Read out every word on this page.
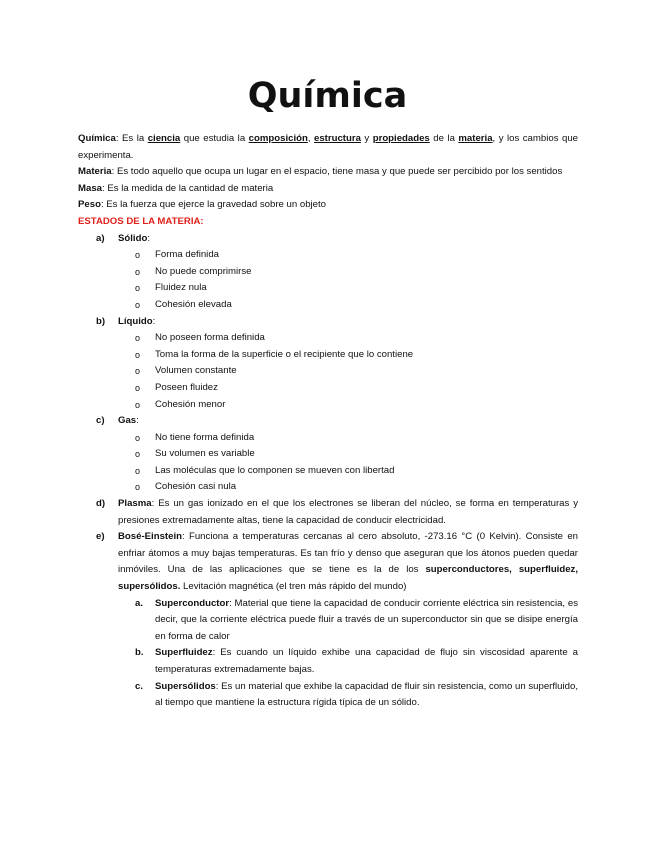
Química
Química: Es la ciencia que estudia la composición, estructura y propiedades de la materia, y los cambios que experimenta.
Materia: Es todo aquello que ocupa un lugar en el espacio, tiene masa y que puede ser percibido por los sentidos
Masa: Es la medida de la cantidad de materia
Peso: Es la fuerza que ejerce la gravedad sobre un objeto
ESTADOS DE LA MATERIA:
a) Sólido:
o Forma definida
o No puede comprimirse
o Fluidez nula
o Cohesión elevada
b) Líquido:
o No poseen forma definida
o Toma la forma de la superficie o el recipiente que lo contiene
o Volumen constante
o Poseen fluidez
o Cohesión menor
c) Gas:
o No tiene forma definida
o Su volumen es variable
o Las moléculas que lo componen se mueven con libertad
o Cohesión casi nula
d) Plasma: Es un gas ionizado en el que los electrones se liberan del núcleo, se forma en temperaturas y presiones extremadamente altas, tiene la capacidad de conducir electricidad.
e) Bosé-Einstein: Funciona a temperaturas cercanas al cero absoluto, -273.16 °C (0 Kelvin). Consiste en enfriar átomos a muy bajas temperaturas. Es tan frío y denso que aseguran que los átonos pueden quedar inmóviles. Una de las aplicaciones que se tiene es la de los superconductores, superfluidez, supersólidos. Levitación magnética (el tren más rápido del mundo)
a. Superconductor: Material que tiene la capacidad de conducir corriente eléctrica sin resistencia, es decir, que la corriente eléctrica puede fluir a través de un superconductor sin que se disipe energía en forma de calor
b. Superfluidez: Es cuando un líquido exhibe una capacidad de flujo sin viscosidad aparente a temperaturas extremadamente bajas.
c. Supersólidos: Es un material que exhibe la capacidad de fluir sin resistencia, como un superfluido, al tiempo que mantiene la estructura rígida típica de un sólido.
